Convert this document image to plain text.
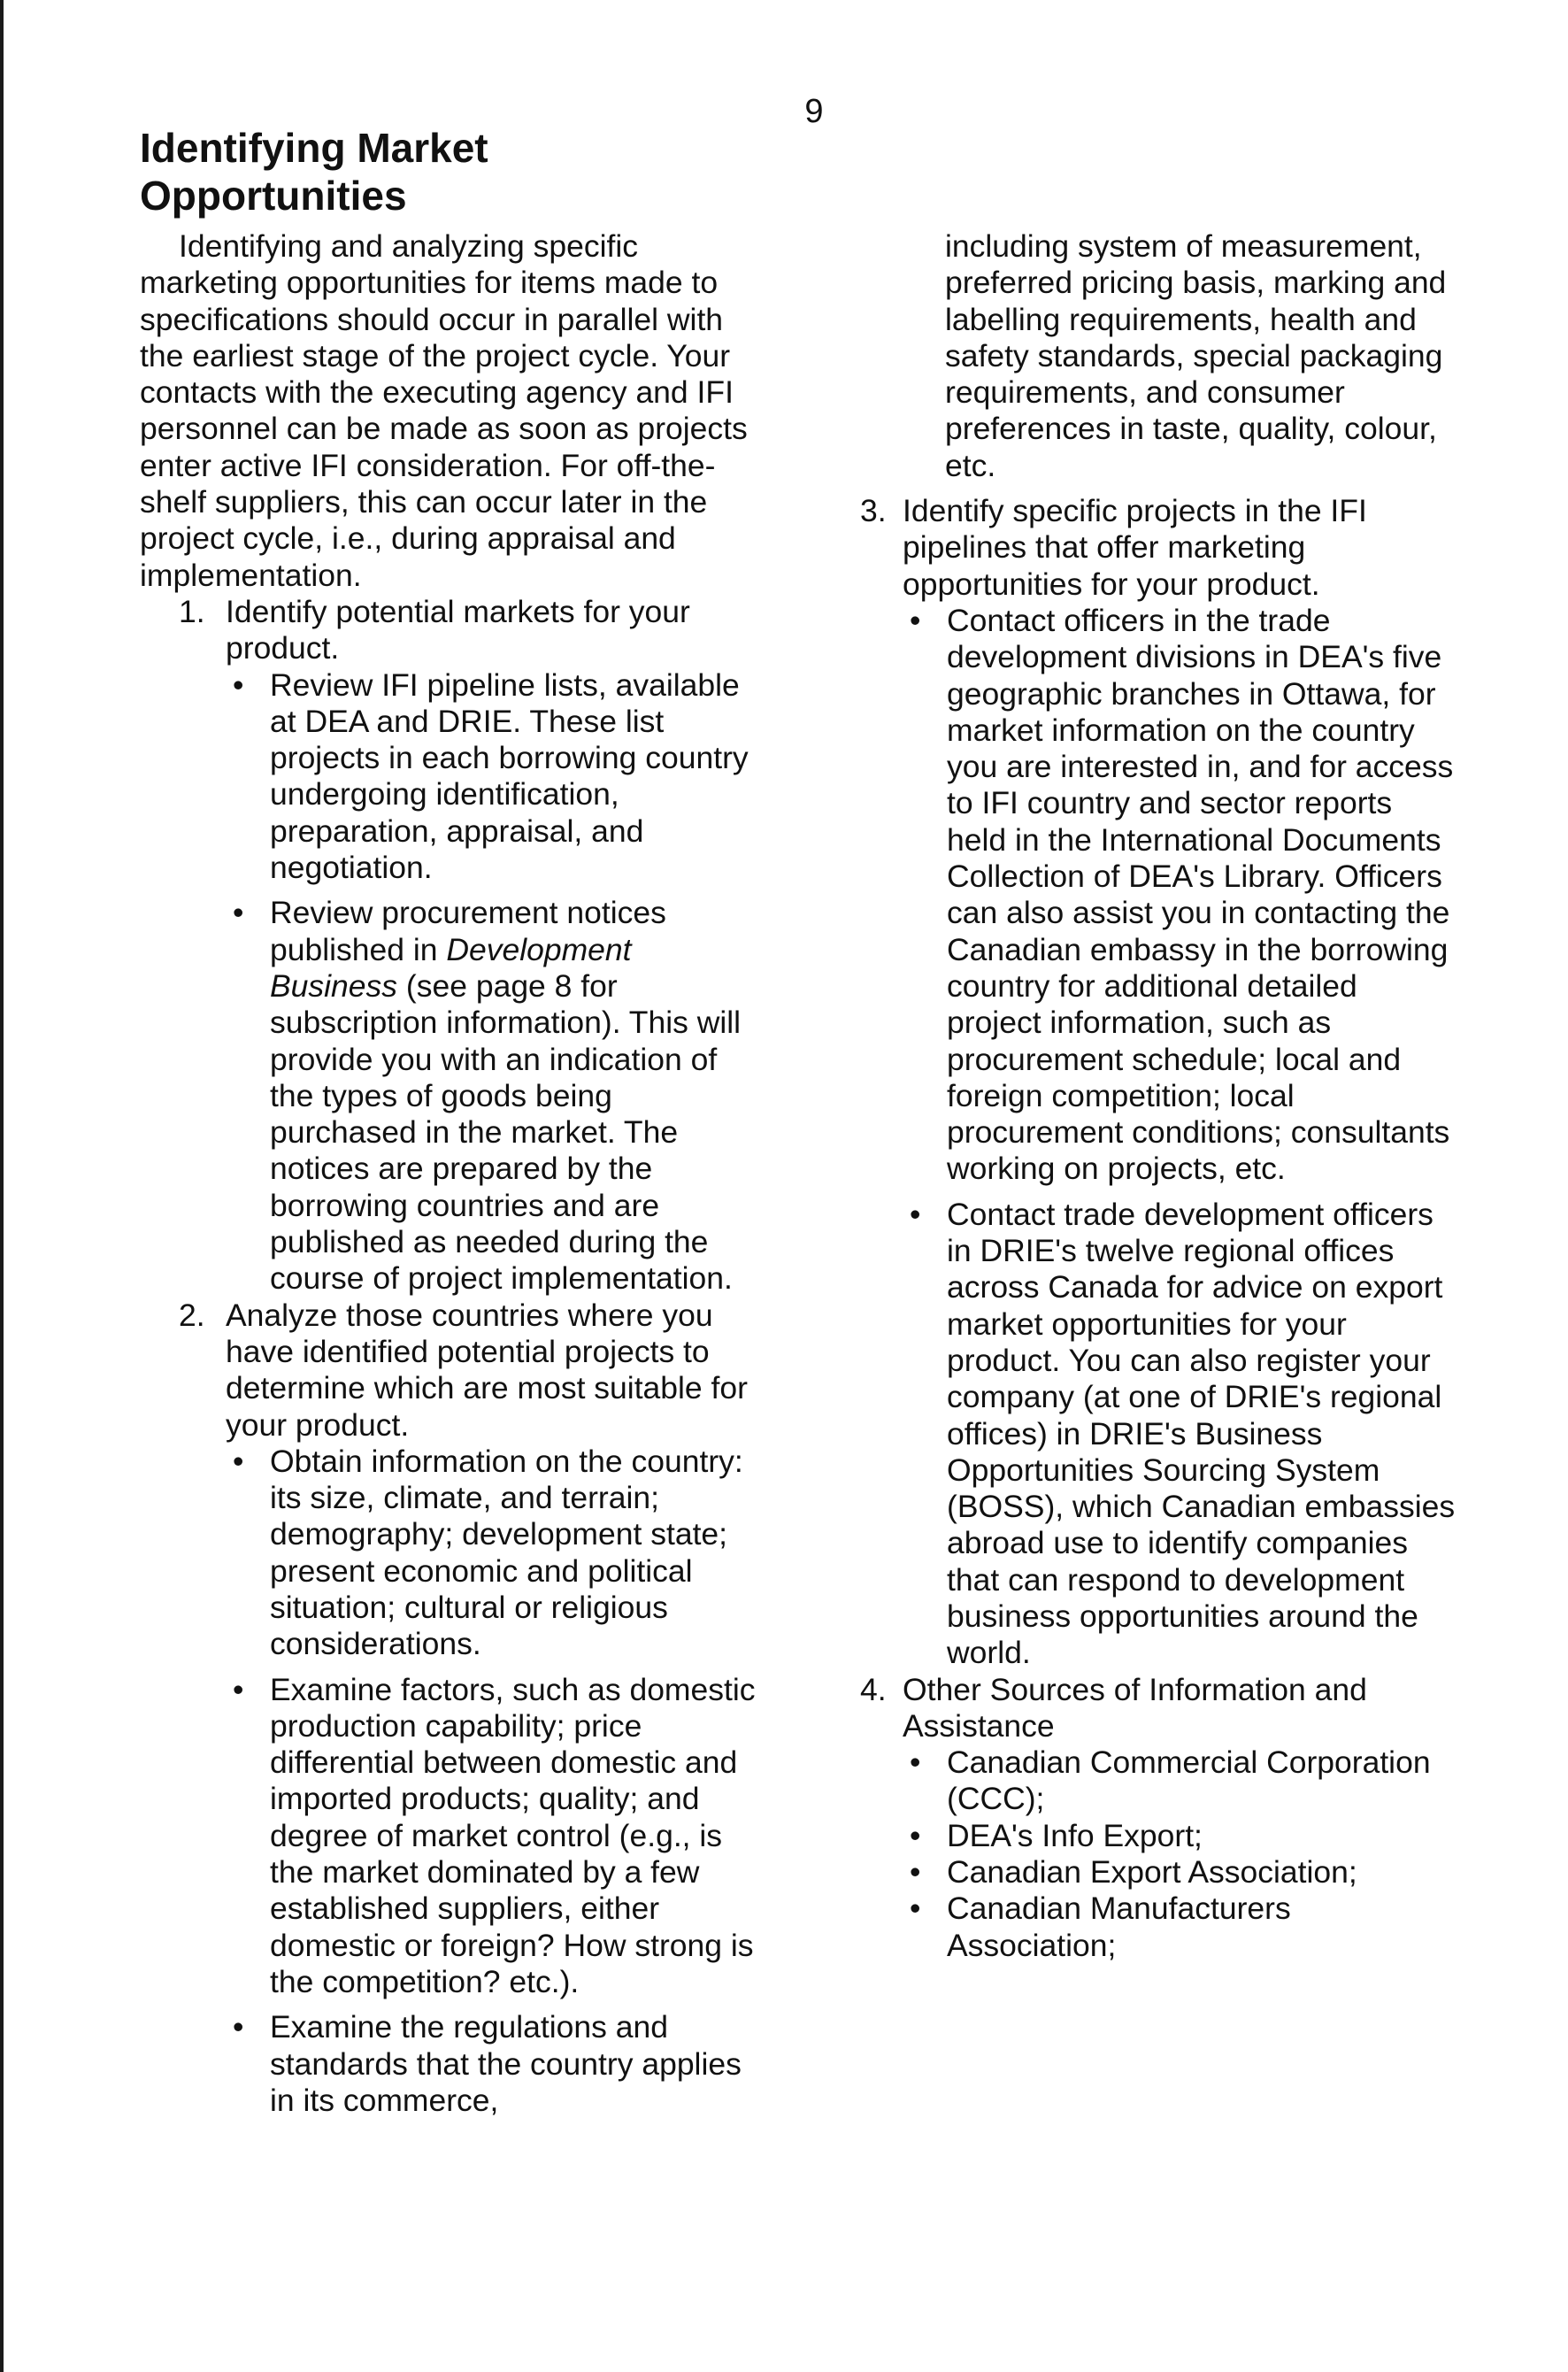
9
Identifying Market
Opportunities

Identifying and analyzing specific marketing opportunities for items made to specifications should occur in parallel with the earliest stage of the project cycle. Your contacts with the executing agency and IFI personnel can be made as soon as projects enter active IFI consideration. For off-the-shelf suppliers, this can occur later in the project cycle, i.e., during appraisal and implementation.

1. Identify potential markets for your product.

• Review IFI pipeline lists, available at DEA and DRIE. These list projects in each borrowing country undergoing identification, preparation, appraisal, and negotiation.
• Review procurement notices published in Development Business (see page 8 for subscription information). This will provide you with an indication of the types of goods being purchased in the market. The notices are prepared by the borrowing countries and are published as needed during the course of project implementation.
2. Analyze those countries where you have identified potential projects to determine which are most suitable for your product.

• Obtain information on the country: its size, climate, and terrain; demography; development state; present economic and political situation; cultural or religious considerations.
• Examine factors, such as domestic production capability; price differential between domestic and imported products; quality; and degree of market control (e.g., is the market dominated by a few established suppliers, either domestic or foreign? How strong is the competition? etc.).
• Examine the regulations and standards that the country applies in its commerce,

including system of measurement, preferred pricing basis, marking and labelling requirements, health and safety standards, special packaging requirements, and consumer preferences in taste, quality, colour, etc.

3. Identify specific projects in the IFI pipelines that offer marketing opportunities for your product.

• Contact officers in the trade development divisions in DEA's five geographic branches in Ottawa, for market information on the country you are interested in, and for access to IFI country and sector reports held in the International Documents Collection of DEA's Library. Officers can also assist you in contacting the Canadian embassy in the borrowing country for additional detailed project information, such as procurement schedule; local and foreign competition; local procurement conditions; consultants working on projects, etc.
• Contact trade development officers in DRIE's twelve regional offices across Canada for advice on export market opportunities for your product. You can also register your company (at one of DRIE's regional offices) in DRIE's Business Opportunities Sourcing System (BOSS), which Canadian embassies abroad use to identify companies that can respond to development business opportunities around the world.
4. Other Sources of Information and Assistance

• Canadian Commercial Corporation (CCC);
• DEA's Info Export;
• Canadian Export Association;
• Canadian Manufacturers Association;
